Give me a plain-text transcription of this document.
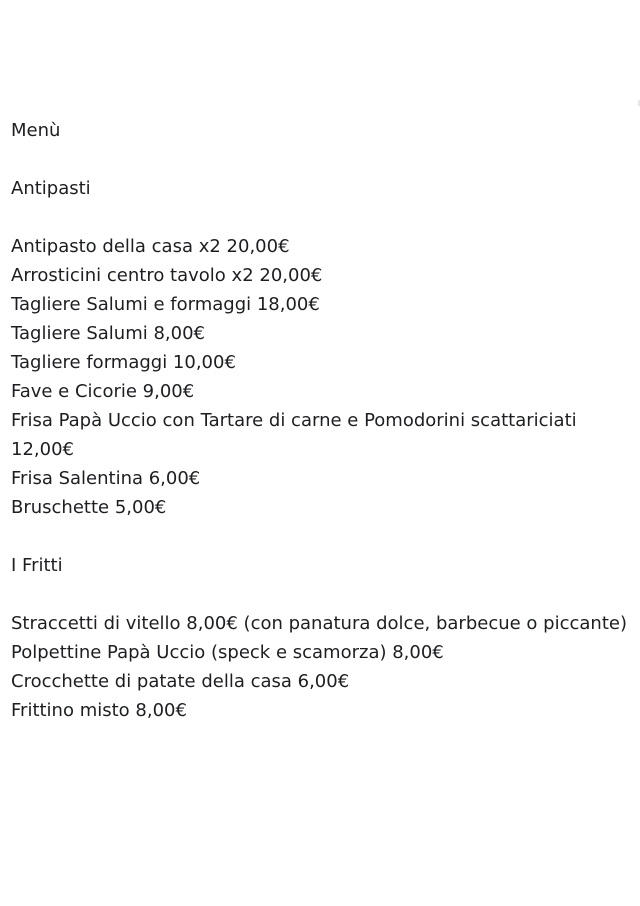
Menù
Antipasti
Antipasto della casa x2 20,00€
Arrosticini centro tavolo x2 20,00€
Tagliere Salumi e formaggi 18,00€
Tagliere Salumi 8,00€
Tagliere formaggi 10,00€
Fave e Cicorie 9,00€
Frisa Papà Uccio con Tartare di carne e Pomodorini scattariciati 12,00€
Frisa Salentina 6,00€
Bruschette 5,00€
I Fritti
Straccetti di vitello 8,00€ (con panatura dolce, barbecue o piccante)
Polpettine Papà Uccio (speck e scamorza) 8,00€
Crocchette di patate della casa 6,00€
Frittino misto 8,00€
